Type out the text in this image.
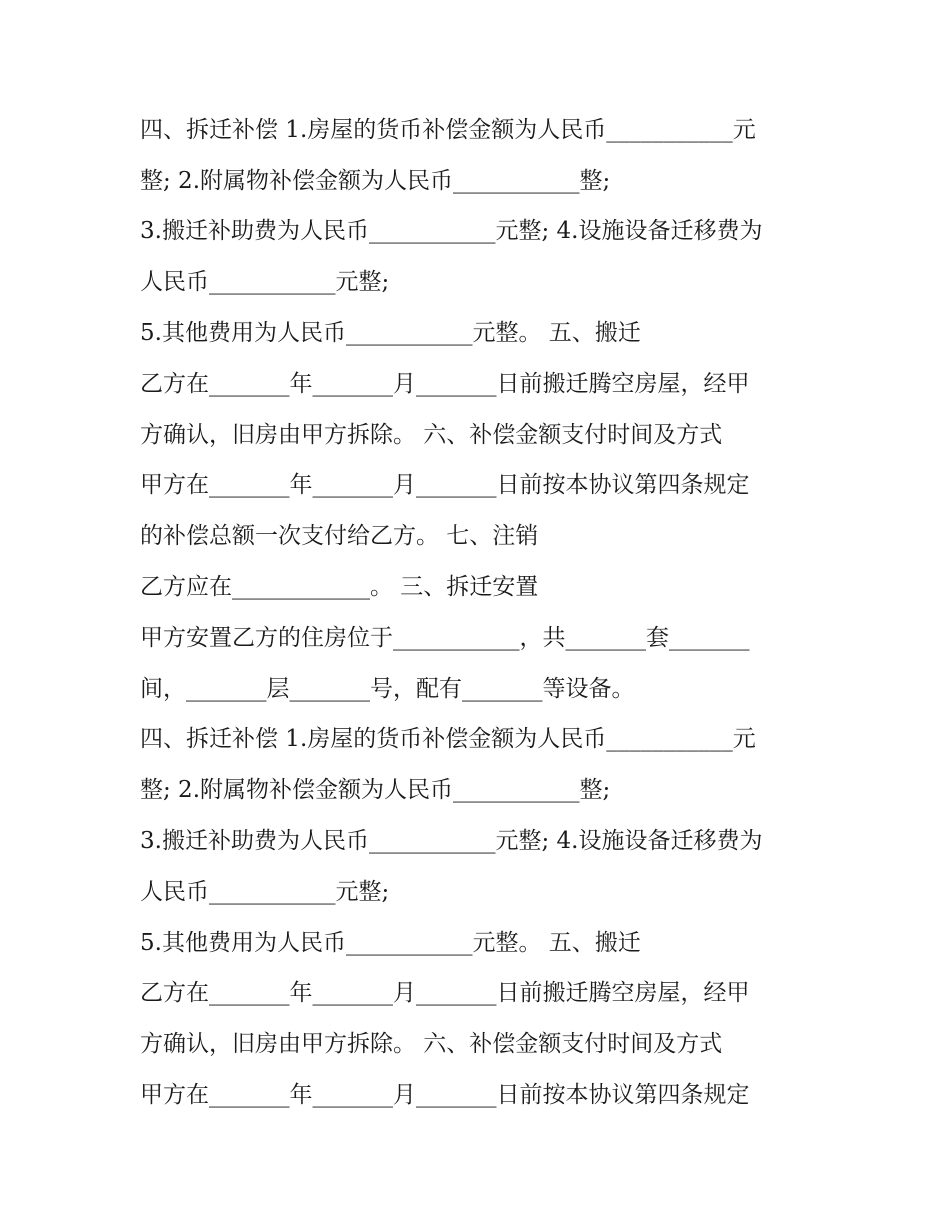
四、拆迁补偿 1.房屋的货币补偿金额为人民币___________元
整; 2.附属物补偿金额为人民币___________整;
3.搬迁补助费为人民币___________元整; 4.设施设备迁移费为
人民币___________元整;
5.其他费用为人民币___________元整。 五、搬迁
乙方在_______年_______月_______日前搬迁腾空房屋，经甲
方确认，旧房由甲方拆除。 六、补偿金额支付时间及方式
甲方在_______年_______月_______日前按本协议第四条规定
的补偿总额一次支付给乙方。 七、注销
乙方应在____________。 三、拆迁安置
甲方安置乙方的住房位于___________，共_______套_______
间，_______层_______号，配有_______等设备。
四、拆迁补偿 1.房屋的货币补偿金额为人民币___________元
整; 2.附属物补偿金额为人民币___________整;
3.搬迁补助费为人民币___________元整; 4.设施设备迁移费为
人民币___________元整;
5.其他费用为人民币___________元整。 五、搬迁
乙方在_______年_______月_______日前搬迁腾空房屋，经甲
方确认，旧房由甲方拆除。 六、补偿金额支付时间及方式
甲方在_______年_______月_______日前按本协议第四条规定
